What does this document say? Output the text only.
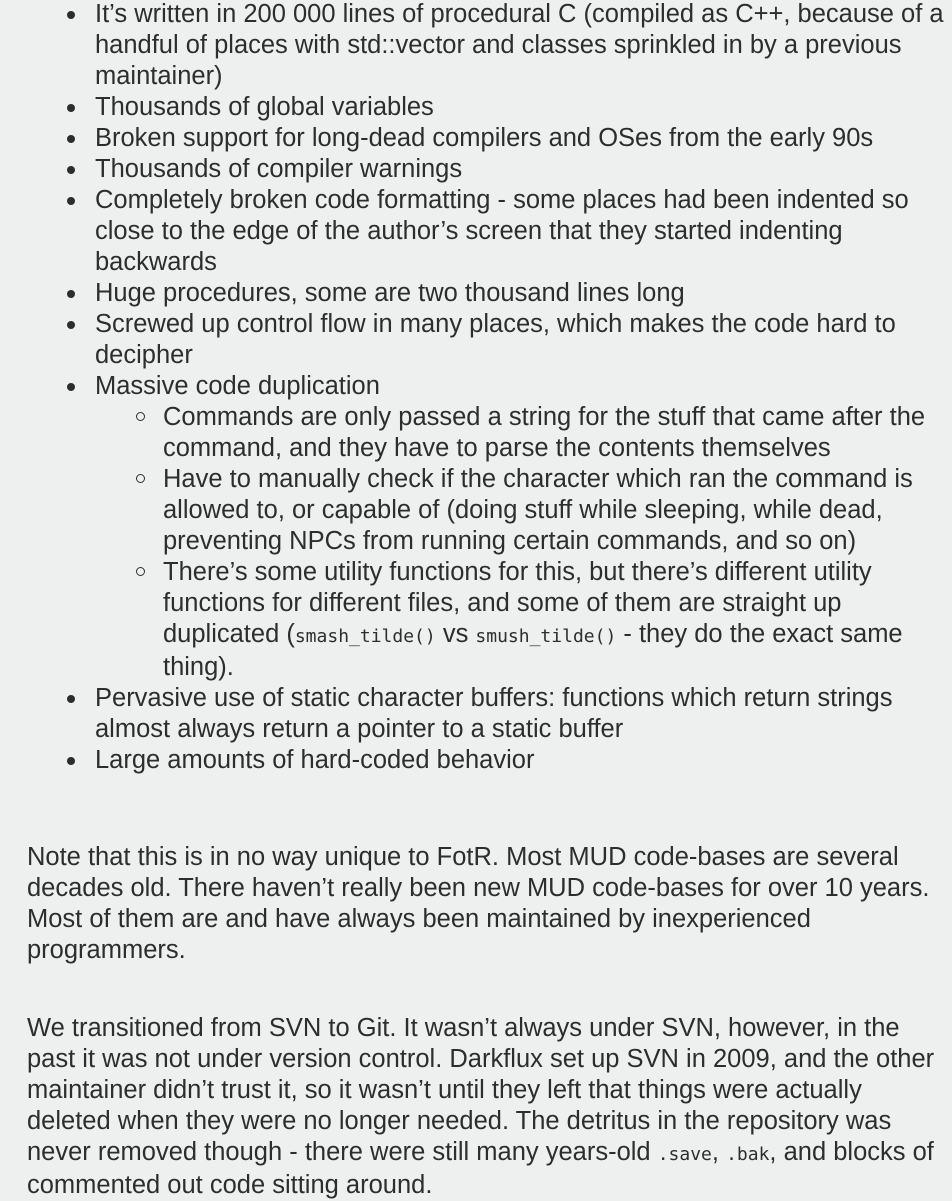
It’s written in 200 000 lines of procedural C (compiled as C++, because of a handful of places with std::vector and classes sprinkled in by a previous maintainer)
Thousands of global variables
Broken support for long-dead compilers and OSes from the early 90s
Thousands of compiler warnings
Completely broken code formatting - some places had been indented so close to the edge of the author’s screen that they started indenting backwards
Huge procedures, some are two thousand lines long
Screwed up control flow in many places, which makes the code hard to decipher
Massive code duplication
Commands are only passed a string for the stuff that came after the command, and they have to parse the contents themselves
Have to manually check if the character which ran the command is allowed to, or capable of (doing stuff while sleeping, while dead, preventing NPCs from running certain commands, and so on)
There’s some utility functions for this, but there’s different utility functions for different files, and some of them are straight up duplicated (smash_tilde() vs smush_tilde() - they do the exact same thing).
Pervasive use of static character buffers: functions which return strings almost always return a pointer to a static buffer
Large amounts of hard-coded behavior
Note that this is in no way unique to FotR. Most MUD code-bases are several decades old. There haven’t really been new MUD code-bases for over 10 years. Most of them are and have always been maintained by inexperienced programmers.
We transitioned from SVN to Git. It wasn’t always under SVN, however, in the past it was not under version control. Darkflux set up SVN in 2009, and the other maintainer didn’t trust it, so it wasn’t until they left that things were actually deleted when they were no longer needed. The detritus in the repository was never removed though - there were still many years-old .save, .bak, and blocks of commented out code sitting around.
